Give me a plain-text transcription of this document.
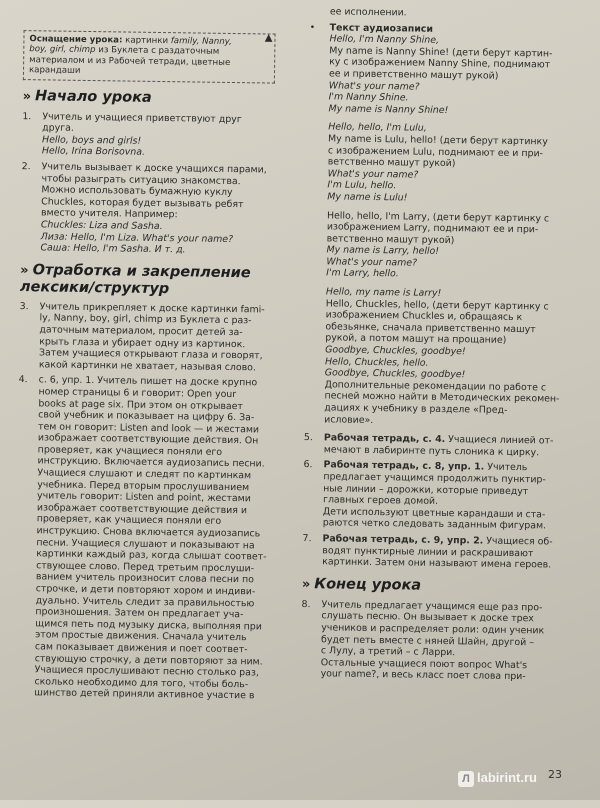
▲
Оснащение урока: картинки family, Nanny,
boy, girl, chimp из Буклета с раздаточным
материалом и из Рабочей тетради, цветные
карандаши
» Начало урока
1. Учитель и учащиеся приветствуют друг
друга.
Hello, boys and girls!
Hello, Irina Borisovna.
2. Учитель вызывает к доске учащихся парами,
чтобы разыграть ситуацию знакомства.
Можно использовать бумажную куклу
Chuckles, которая будет вызывать ребят
вместо учителя. Например:
Chuckles: Liza and Sasha.
Лиза: Hello, I'm Liza. What's your name?
Саша: Hello, I'm Sasha. И т. д.
» Отработка и закрепление лексики/структур
3. Учитель прикрепляет к доске картинки fami-
ly, Nanny, boy, girl, chimp из Буклета с раз-
даточным материалом, просит детей за-
крыть глаза и убирает одну из картинок.
Затем учащиеся открывают глаза и говорят,
какой картинки не хватает, называя слово.
4. с. 6, упр. 1. Учитель пишет на доске крупно
номер страницы 6 и говорит: Open your
books at page six. При этом он открывает
свой учебник и показывает на цифру 6. За-
тем он говорит: Listen and look — и жестами
изображает соответствующие действия. Он
проверяет, как учащиеся поняли его
инструкцию. Включается аудиозапись песни.
Учащиеся слушают и следят по картинкам
учебника. Перед вторым прослушиванием
учитель говорит: Listen and point, жестами
изображает соответствующие действия и
проверяет, как учащиеся поняли его
инструкцию. Снова включается аудиозапись
песни. Учащиеся слушают и показывают на
картинки каждый раз, когда слышат соответ-
ствующее слово. Перед третьим прослуши-
ванием учитель произносит слова песни по
строчке, и дети повторяют хором и индиви-
дуально. Учитель следит за правильностью
произношения. Затем он предлагает уча-
щимся петь под музыку диска, выполняя при
этом простые движения. Сначала учитель
сам показывает движения и поет соответ-
ствующую строчку, а дети повторяют за ним.
Учащиеся прослушивают песню столько раз,
сколько необходимо для того, чтобы боль-
шинство детей приняли активное участие в
ее исполнении.
• Текст аудиозаписи
Hello, I'm Nanny Shine,
My name is Nanny Shine! (дети берут картин-
ку с изображением Nanny Shine, поднимают
ее и приветственно машут рукой)
What's your name?
I'm Nanny Shine.
My name is Nanny Shine!
Hello, hello, I'm Lulu,
My name is Lulu, hello! (дети берут картинку
с изображением Lulu, поднимают ее и при-
ветственно машут рукой)
What's your name?
I'm Lulu, hello.
My name is Lulu!
Hello, hello, I'm Larry, (дети берут картинку с
изображением Larry, поднимают ее и при-
ветственно машут рукой)
My name is Larry, hello!
What's your name?
I'm Larry, hello.
Hello, my name is Larry!
Hello, Chuckles, hello, (дети берут картинку с
изображением Chuckles и, обращаясь к
обезьянке, сначала приветственно машут
рукой, а потом машут на прощание)
Goodbye, Chuckles, goodbye!
Hello, Chuckles, hello.
Goodbye, Chuckles, goodbye!
Дополнительные рекомендации по работе с
песней можно найти в Методических рекомен-
дациях к учебнику в разделе «Пред-
исловие».
5. Рабочая тетрадь, с. 4. Учащиеся линией от-
мечают в лабиринте путь слоника к цирку.
6. Рабочая тетрадь, с. 8, упр. 1. Учитель
предлагает учащимся продолжить пунктир-
ные линии – дорожки, которые приведут
главных героев домой.
Дети используют цветные карандаши и ста-
раются четко следовать заданным фигурам.
7. Рабочая тетрадь, с. 9, упр. 2. Учащиеся об-
водят пунктирные линии и раскрашивают
картинки. Затем они называют имена героев.
» Конец урока
8. Учитель предлагает учащимся еще раз про-
слушать песню. Он вызывает к доске трех
учеников и распределяет роли: один ученик
будет петь вместе с няней Шайн, другой –
с Лулу, а третий – с Ларри.
Остальные учащиеся поют вопрос What's
your name?, и весь класс поет слова при-
Л labirint.ru 23
